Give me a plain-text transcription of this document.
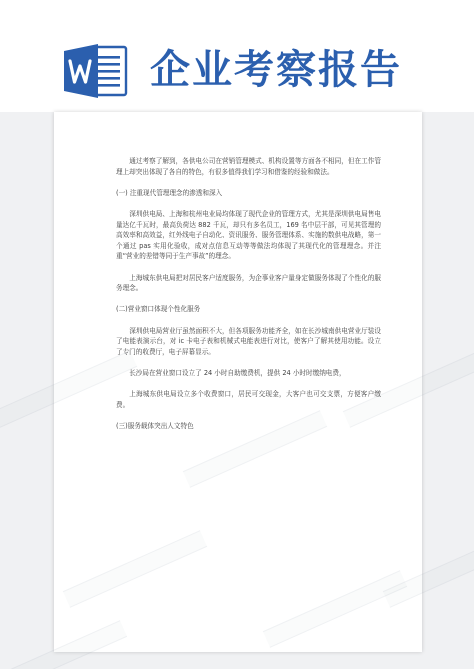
企业考察报告

通过考察了解到，各供电公司在营销管理模式、机构设置等方面各不相同，但在工作管理上却突出体现了各自的特色，有很多值得我们学习和借鉴的经验和做法。

(一) 注重现代管理理念的渗透和深入

深圳供电局、上海和杭州电业局均体现了现代企业的管理方式，尤其是深圳供电局售电量达亿千瓦时，最高负荷达 882 千瓦，却只有多名员工，169 名中层干部，可见其管理的高效率和高效益，红外线电子自动化、资讯服务、服务管理体系、实施的数供电战略，第一个通过 pas 实用化验收，成对点信息互动等等做法均体现了其现代化的管理理念。并注重“营业的差错等同于生产事故”的理念。

上海城东供电局把对居民客户适度服务，为企事业客户量身定做服务体现了个性化的服务理念。

(二)营业窗口体现个性化服务

深圳供电局营业厅虽然面积不大，但各项服务功能齐全，如在长沙城南供电营业厅装设了电能表演示台，对 ic 卡电子表和机械式电能表进行对比，使客户了解其使用功能。设立了专门的收费厅，电子屏幕显示。

长沙局在营业窗口设立了 24 小时自助缴费机，提供 24 小时时缴纳电费，

上海城东供电局设立多个收费窗口，居民可交现金，大客户也可交支票，方便客户缴费。

(三)服务载体突出人文特色
